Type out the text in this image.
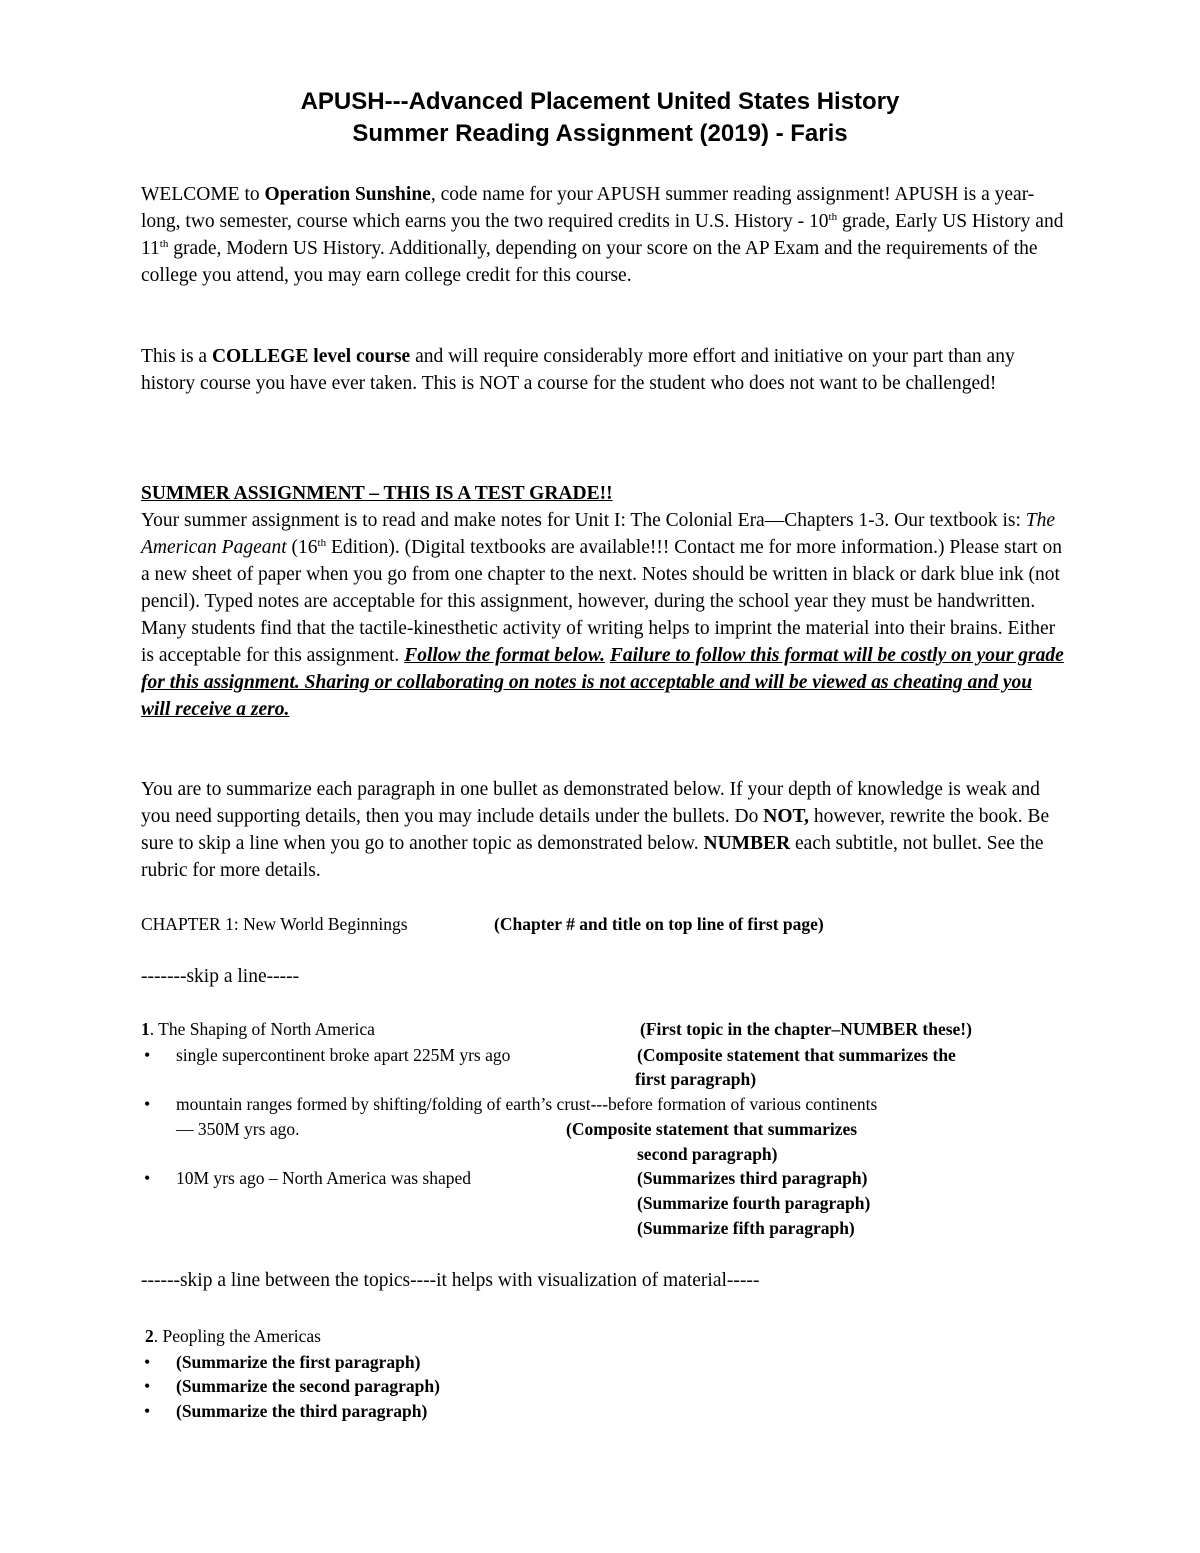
APUSH---Advanced Placement United States History
Summer Reading Assignment (2019) - Faris

WELCOME to Operation Sunshine, code name for your APUSH summer reading assignment! APUSH is a year-long, two semester, course which earns you the two required credits in U.S. History - 10th grade, Early US History and 11th grade, Modern US History. Additionally, depending on your score on the AP Exam and the requirements of the college you attend, you may earn college credit for this course.

This is a COLLEGE level course and will require considerably more effort and initiative on your part than any history course you have ever taken. This is NOT a course for the student who does not want to be challenged!

SUMMER ASSIGNMENT – THIS IS A TEST GRADE!!
Your summer assignment is to read and make notes for Unit I: The Colonial Era—Chapters 1-3. Our textbook is: The American Pageant (16th Edition). (Digital textbooks are available!!! Contact me for more information.) Please start on a new sheet of paper when you go from one chapter to the next. Notes should be written in black or dark blue ink (not pencil). Typed notes are acceptable for this assignment, however, during the school year they must be handwritten. Many students find that the tactile-kinesthetic activity of writing helps to imprint the material into their brains. Either is acceptable for this assignment. Follow the format below. Failure to follow this format will be costly on your grade for this assignment. Sharing or collaborating on notes is not acceptable and will be viewed as cheating and you will receive a zero.

You are to summarize each paragraph in one bullet as demonstrated below. If your depth of knowledge is weak and you need supporting details, then you may include details under the bullets. Do NOT, however, rewrite the book. Be sure to skip a line when you go to another topic as demonstrated below. NUMBER each subtitle, not bullet. See the rubric for more details.

CHAPTER 1: New World Beginnings	(Chapter # and title on top line of first page)
-------skip a line-----
1. The Shaping of North America	(First topic in the chapter–NUMBER these!)
• single supercontinent broke apart 225M yrs ago	(Composite statement that summarizes the
first paragraph)
• mountain ranges formed by shifting/folding of earth’s crust---before formation of various continents
— 350M yrs ago.	(Composite statement that summarizes
second paragraph)
• 10M yrs ago – North America was shaped	(Summarizes third paragraph)
(Summarize fourth paragraph)
(Summarize fifth paragraph)
------skip a line between the topics----it helps with visualization of material-----
2. Peopling the Americas
• (Summarize the first paragraph)
• (Summarize the second paragraph)
• (Summarize the third paragraph)
